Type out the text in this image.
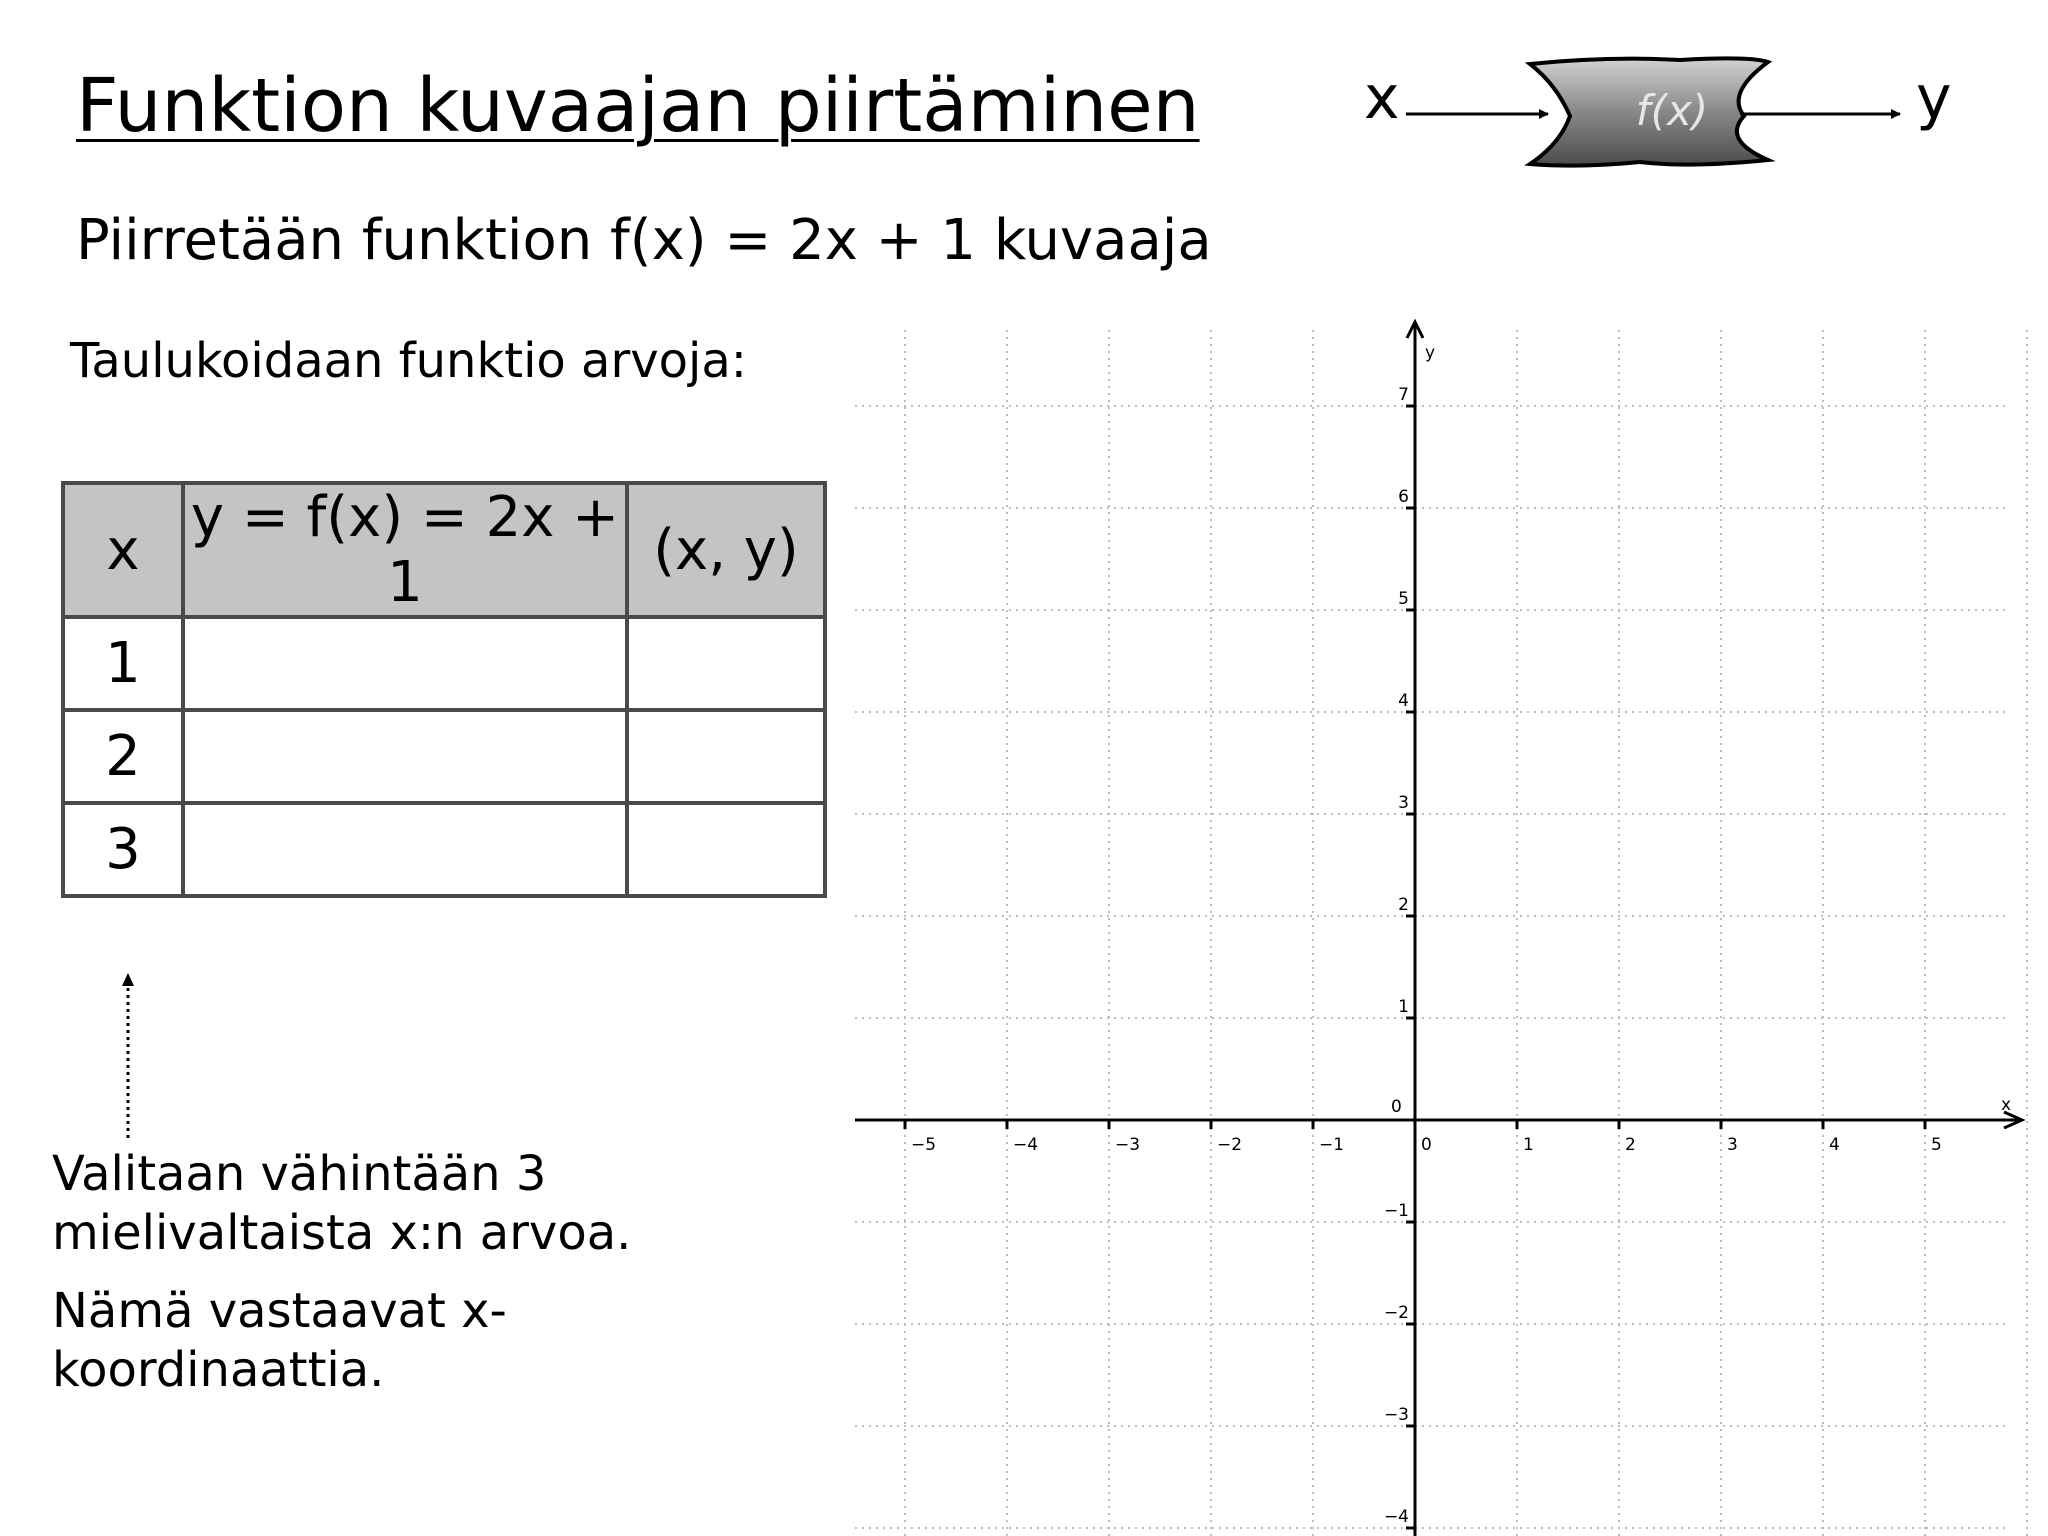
Funktion kuvaajan piirtäminen	x	f(x)	y
Piirretään funktion f(x) = 2x + 1 kuvaaja
Taulukoidaan funktio arvoja:
x	y = f(x) = 2x + 1	(x, y)
1		
2		
3		

Valitaan vähintään 3 mielivaltaista x:n arvoa.

Nämä vastaavat x-koordinaattia.

x
y
−5	−4	−3	−2	−1	0	1	2	3	4	5
−4
−3
−2
−1
0
1
2
3
4
5
6
7
